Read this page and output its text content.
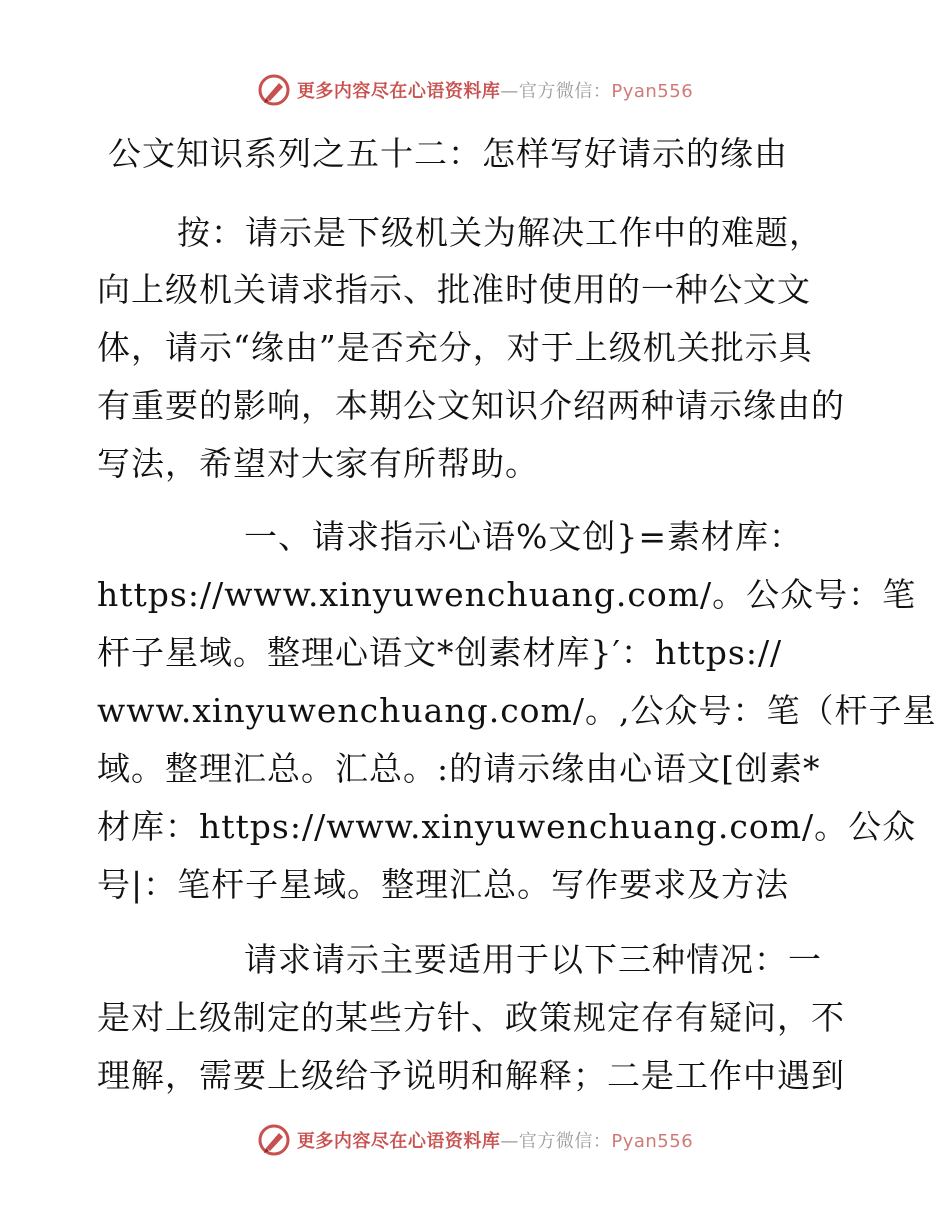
更多内容尽在心语资料库—官方微信：Pyan556
公文知识系列之五十二：怎样写好请示的缘由
按：请示是下级机关为解决工作中的难题，
向上级机关请求指示、批准时使用的一种公文文
体，请示“缘由”是否充分，对于上级机关批示具
有重要的影响，本期公文知识介绍两种请示缘由的
写法，希望对大家有所帮助。
一、请求指示心语%文创}=素材库：
https://www.xinyuwenchuang.com/。公众号：笔
杆子星域。整理心语文*创素材库}′：https://
www.xinyuwenchuang.com/。,公众号：笔（杆子星
域。整理汇总。汇总。:的请示缘由心语文[创素*
材库：https://www.xinyuwenchuang.com/。公众
号|：笔杆子星域。整理汇总。写作要求及方法
请求请示主要适用于以下三种情况：一
是对上级制定的某些方针、政策规定存有疑问，不
理解，需要上级给予说明和解释；二是工作中遇到
更多内容尽在心语资料库—官方微信：Pyan556
